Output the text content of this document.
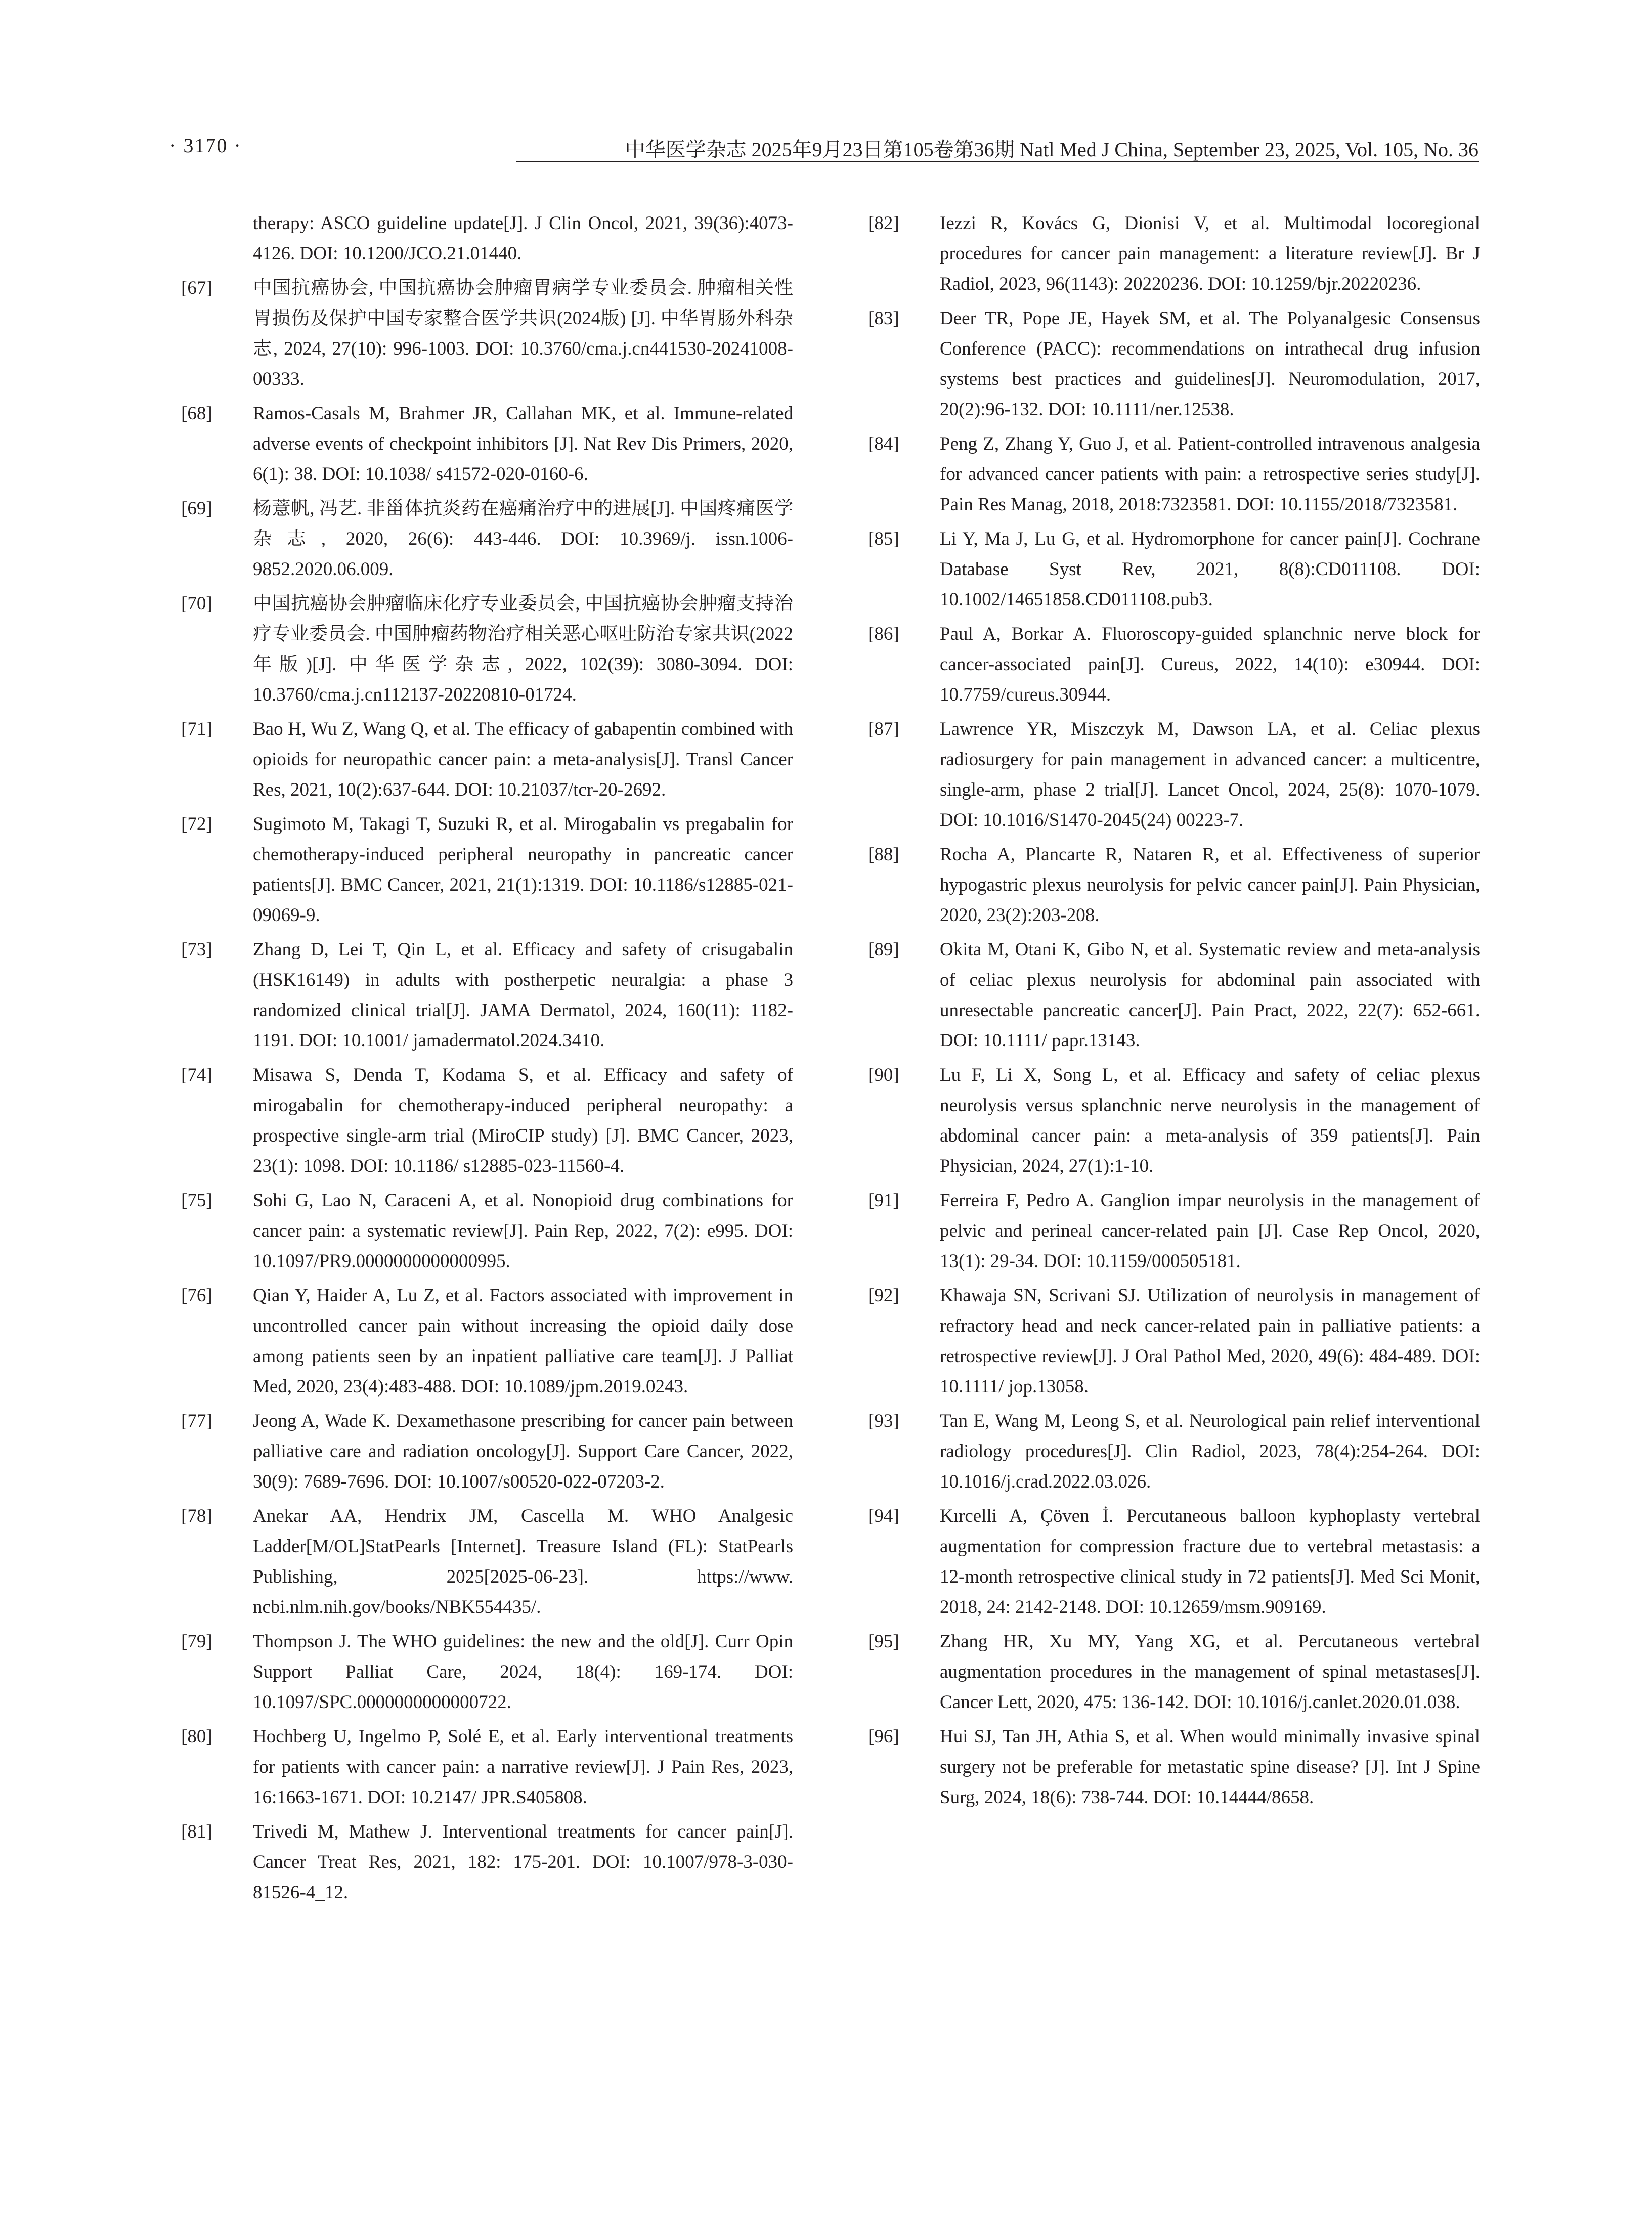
· 3170 ·	中华医学杂志 2025年9月23日第105卷第36期 Natl Med J China, September 23, 2025, Vol. 105, No. 36
therapy: ASCO guideline update[J]. J Clin Oncol, 2021, 39(36):4073-4126. DOI: 10.1200/JCO.21.01440.
[67] 中国抗癌协会, 中国抗癌协会肿瘤胃病学专业委员会. 肿瘤相关性胃损伤及保护中国专家整合医学共识(2024版) [J]. 中华胃肠外科杂志, 2024, 27(10): 996-1003. DOI: 10.3760/cma.j.cn441530-20241008-00333.
[68] Ramos-Casals M, Brahmer JR, Callahan MK, et al. Immune-related adverse events of checkpoint inhibitors [J]. Nat Rev Dis Primers, 2020, 6(1): 38. DOI: 10.1038/ s41572-020-0160-6.
[69] 杨薏帆, 冯艺. 非甾体抗炎药在癌痛治疗中的进展[J]. 中国疼痛医学杂志, 2020, 26(6): 443-446. DOI: 10.3969/j. issn.1006-9852.2020.06.009.
[70] 中国抗癌协会肿瘤临床化疗专业委员会, 中国抗癌协会肿瘤支持治疗专业委员会. 中国肿瘤药物治疗相关恶心呕吐防治专家共识(2022年版)[J]. 中华医学杂志, 2022, 102(39): 3080-3094. DOI: 10.3760/cma.j.cn112137-20220810-01724.
[71] Bao H, Wu Z, Wang Q, et al. The efficacy of gabapentin combined with opioids for neuropathic cancer pain: a meta-analysis[J]. Transl Cancer Res, 2021, 10(2):637-644. DOI: 10.21037/tcr-20-2692.
[72] Sugimoto M, Takagi T, Suzuki R, et al. Mirogabalin vs pregabalin for chemotherapy-induced peripheral neuropathy in pancreatic cancer patients[J]. BMC Cancer, 2021, 21(1):1319. DOI: 10.1186/s12885-021-09069-9.
[73] Zhang D, Lei T, Qin L, et al. Efficacy and safety of crisugabalin (HSK16149) in adults with postherpetic neuralgia: a phase 3 randomized clinical trial[J]. JAMA Dermatol, 2024, 160(11): 1182-1191. DOI: 10.1001/ jamadermatol.2024.3410.
[74] Misawa S, Denda T, Kodama S, et al. Efficacy and safety of mirogabalin for chemotherapy-induced peripheral neuropathy: a prospective single-arm trial (MiroCIP study) [J]. BMC Cancer, 2023, 23(1): 1098. DOI: 10.1186/ s12885-023-11560-4.
[75] Sohi G, Lao N, Caraceni A, et al. Nonopioid drug combinations for cancer pain: a systematic review[J]. Pain Rep, 2022, 7(2): e995. DOI: 10.1097/PR9.0000000000000995.
[76] Qian Y, Haider A, Lu Z, et al. Factors associated with improvement in uncontrolled cancer pain without increasing the opioid daily dose among patients seen by an inpatient palliative care team[J]. J Palliat Med, 2020, 23(4):483-488. DOI: 10.1089/jpm.2019.0243.
[77] Jeong A, Wade K. Dexamethasone prescribing for cancer pain between palliative care and radiation oncology[J]. Support Care Cancer, 2022, 30(9): 7689-7696. DOI: 10.1007/s00520-022-07203-2.
[78] Anekar AA, Hendrix JM, Cascella M. WHO Analgesic Ladder[M/OL]StatPearls [Internet]. Treasure Island (FL): StatPearls Publishing, 2025[2025-06-23]. https://www. ncbi.nlm.nih.gov/books/NBK554435/.
[79] Thompson J. The WHO guidelines: the new and the old[J]. Curr Opin Support Palliat Care, 2024, 18(4): 169-174. DOI: 10.1097/SPC.0000000000000722.
[80] Hochberg U, Ingelmo P, Solé E, et al. Early interventional treatments for patients with cancer pain: a narrative review[J]. J Pain Res, 2023, 16:1663-1671. DOI: 10.2147/ JPR.S405808.
[81] Trivedi M, Mathew J. Interventional treatments for cancer pain[J]. Cancer Treat Res, 2021, 182: 175-201. DOI: 10.1007/978-3-030-81526-4_12.
[82] Iezzi R, Kovács G, Dionisi V, et al. Multimodal locoregional procedures for cancer pain management: a literature review[J]. Br J Radiol, 2023, 96(1143): 20220236. DOI: 10.1259/bjr.20220236.
[83] Deer TR, Pope JE, Hayek SM, et al. The Polyanalgesic Consensus Conference (PACC): recommendations on intrathecal drug infusion systems best practices and guidelines[J]. Neuromodulation, 2017, 20(2):96-132. DOI: 10.1111/ner.12538.
[84] Peng Z, Zhang Y, Guo J, et al. Patient-controlled intravenous analgesia for advanced cancer patients with pain: a retrospective series study[J]. Pain Res Manag, 2018, 2018:7323581. DOI: 10.1155/2018/7323581.
[85] Li Y, Ma J, Lu G, et al. Hydromorphone for cancer pain[J]. Cochrane Database Syst Rev, 2021, 8(8):CD011108. DOI: 10.1002/14651858.CD011108.pub3.
[86] Paul A, Borkar A. Fluoroscopy-guided splanchnic nerve block for cancer-associated pain[J]. Cureus, 2022, 14(10): e30944. DOI: 10.7759/cureus.30944.
[87] Lawrence YR, Miszczyk M, Dawson LA, et al. Celiac plexus radiosurgery for pain management in advanced cancer: a multicentre, single-arm, phase 2 trial[J]. Lancet Oncol, 2024, 25(8): 1070-1079. DOI: 10.1016/S1470-2045(24) 00223-7.
[88] Rocha A, Plancarte R, Nataren R, et al. Effectiveness of superior hypogastric plexus neurolysis for pelvic cancer pain[J]. Pain Physician, 2020, 23(2):203-208.
[89] Okita M, Otani K, Gibo N, et al. Systematic review and meta-analysis of celiac plexus neurolysis for abdominal pain associated with unresectable pancreatic cancer[J]. Pain Pract, 2022, 22(7): 652-661. DOI: 10.1111/ papr.13143.
[90] Lu F, Li X, Song L, et al. Efficacy and safety of celiac plexus neurolysis versus splanchnic nerve neurolysis in the management of abdominal cancer pain: a meta-analysis of 359 patients[J]. Pain Physician, 2024, 27(1):1-10.
[91] Ferreira F, Pedro A. Ganglion impar neurolysis in the management of pelvic and perineal cancer-related pain [J]. Case Rep Oncol, 2020, 13(1): 29-34. DOI: 10.1159/000505181.
[92] Khawaja SN, Scrivani SJ. Utilization of neurolysis in management of refractory head and neck cancer-related pain in palliative patients: a retrospective review[J]. J Oral Pathol Med, 2020, 49(6): 484-489. DOI: 10.1111/ jop.13058.
[93] Tan E, Wang M, Leong S, et al. Neurological pain relief interventional radiology procedures[J]. Clin Radiol, 2023, 78(4):254-264. DOI: 10.1016/j.crad.2022.03.026.
[94] Kırcelli A, Çöven İ. Percutaneous balloon kyphoplasty vertebral augmentation for compression fracture due to vertebral metastasis: a 12-month retrospective clinical study in 72 patients[J]. Med Sci Monit, 2018, 24: 2142-2148. DOI: 10.12659/msm.909169.
[95] Zhang HR, Xu MY, Yang XG, et al. Percutaneous vertebral augmentation procedures in the management of spinal metastases[J]. Cancer Lett, 2020, 475: 136-142. DOI: 10.1016/j.canlet.2020.01.038.
[96] Hui SJ, Tan JH, Athia S, et al. When would minimally invasive spinal surgery not be preferable for metastatic spine disease? [J]. Int J Spine Surg, 2024, 18(6): 738-744. DOI: 10.14444/8658.
